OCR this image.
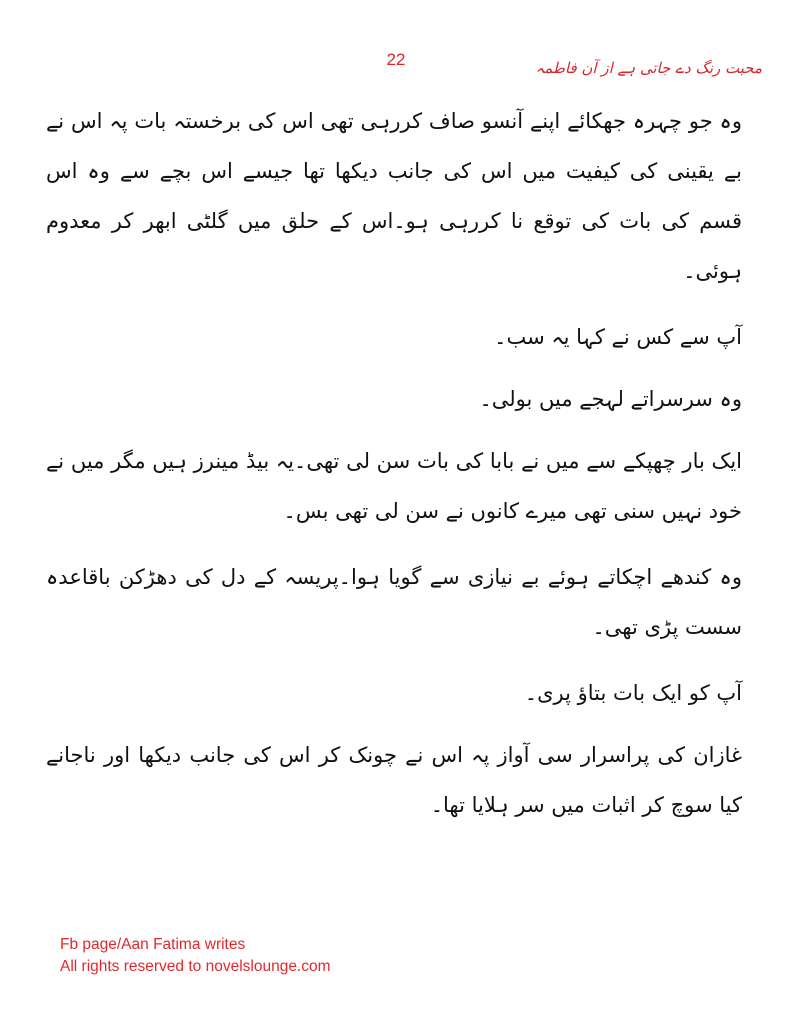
محبت رنگ دے جاتی ہے از آن فاطمہ
22

وہ جو چہرہ جھکائے اپنے آنسو صاف کررہی تھی اس کی برخستہ بات پہ اس نے بے یقینی کی کیفیت میں اس کی جانب دیکھا تھا جیسے اس بچے سے وہ اس قسم کی بات کی توقع نا کررہی ہو۔اس کے حلق میں گلٹی ابھر کر معدوم ہوئی۔

آپ سے کس نے کہا یہ سب۔

وہ سرسراتے لہجے میں بولی۔

ایک بار چھپکے سے میں نے بابا کی بات سن لی تھی۔یہ بیڈ مینرز ہیں مگر میں نے خود نہیں سنی تھی میرے کانوں نے سن لی تھی بس۔

وہ کندھے اچکاتے ہوئے بے نیازی سے گویا ہوا۔پریسہ کے دل کی دھڑکن باقاعدہ سست پڑی تھی۔

آپ کو ایک بات بتاؤ پری۔

غازان کی پراسرار سی آواز پہ اس نے چونک کر اس کی جانب دیکھا اور ناجانے کیا سوچ کر اثبات میں سر ہلایا تھا۔

Fb page/Aan Fatima writes
All rights reserved to novelslounge.com
